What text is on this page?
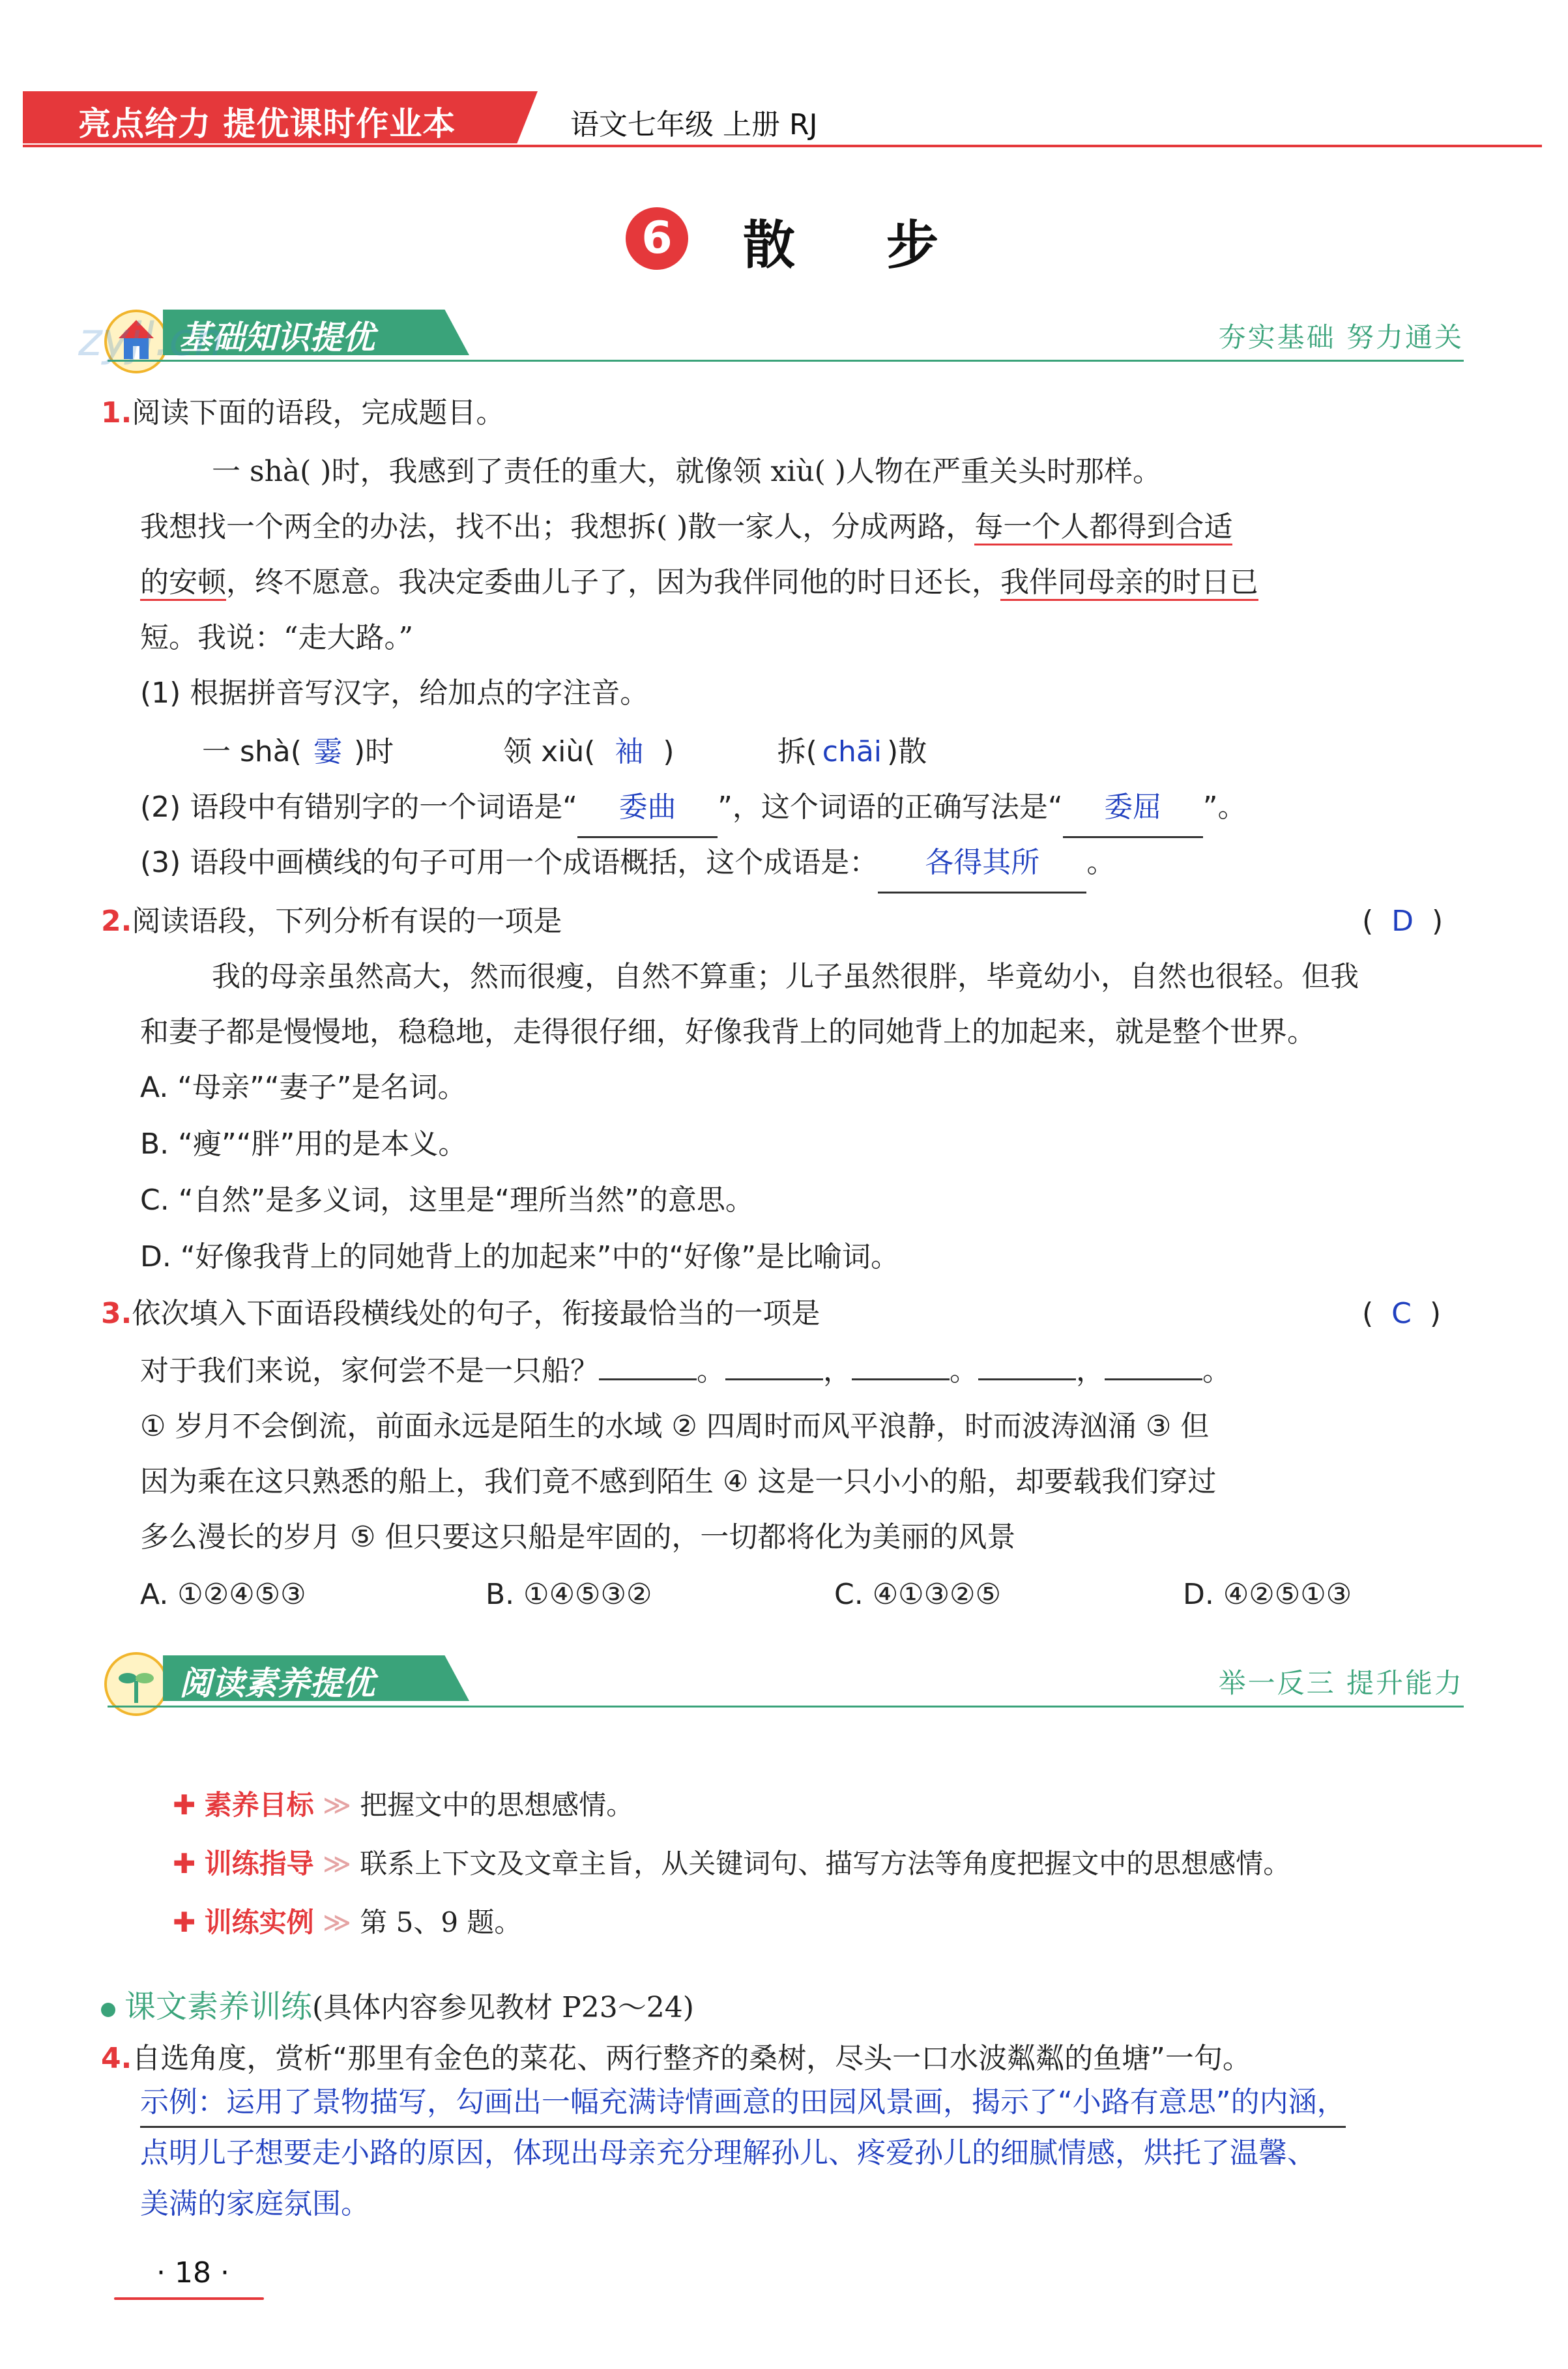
亮点给力 提优课时作业本	语文七年级 上册 RJ
6	散步
基础知识提优	夯实基础 努力通关
zyjl.cn
1.阅读下面的语段，完成题目。
一 shà( )时，我感到了责任的重大，就像领 xiù( )人物在严重关头时那样。
我想找一个两全的办法，找不出；我想拆( )散一家人，分成两路，每一个人都得到合适
的安顿，终不愿意。我决定委曲儿子了，因为我伴同他的时日还长，我伴同母亲的时日已
短。我说：“走大路。”
(1) 根据拼音写汉字，给加点的字注音。
一 shà( 霎 )时	领 xiù( 袖 )	拆( chāi )散
(2) 语段中有错别字的一个词语是“ 委曲 ”，这个词语的正确写法是“ 委屈 ”。
(3) 语段中画横线的句子可用一个成语概括，这个成语是： 各得其所 。
2.阅读语段，下列分析有误的一项是	(  D  )
我的母亲虽然高大，然而很瘦，自然不算重；儿子虽然很胖，毕竟幼小，自然也很轻。但我
和妻子都是慢慢地，稳稳地，走得很仔细，好像我背上的同她背上的加起来，就是整个世界。
A. “母亲”“妻子”是名词。
B. “瘦”“胖”用的是本义。
C. “自然”是多义词，这里是“理所当然”的意思。
D. “好像我背上的同她背上的加起来”中的“好像”是比喻词。
3.依次填入下面语段横线处的句子，衔接最恰当的一项是	(  C  )
对于我们来说，家何尝不是一只船？	。	，	。	，	。
① 岁月不会倒流，前面永远是陌生的水域 ② 四周时而风平浪静，时而波涛汹涌 ③ 但
因为乘在这只熟悉的船上，我们竟不感到陌生 ④ 这是一只小小的船，却要载我们穿过
多么漫长的岁月 ⑤ 但只要这只船是牢固的，一切都将化为美丽的风景
A. ①②④⑤③	B. ①④⑤③②	C. ④①③②⑤	D. ④②⑤①③
阅读素养提优	举一反三 提升能力
✚ 素养目标 ≫ 把握文中的思想感情。
✚ 训练指导 ≫ 联系上下文及文章主旨，从关键词句、描写方法等角度把握文中的思想感情。
✚ 训练实例 ≫ 第 5、9 题。
课文素养训练(具体内容参见教材 P23～24)
4.自选角度，赏析“那里有金色的菜花、两行整齐的桑树，尽头一口水波粼粼的鱼塘”一句。
示例：运用了景物描写，勾画出一幅充满诗情画意的田园风景画，揭示了“小路有意思”的内涵，
点明儿子想要走小路的原因，体现出母亲充分理解孙儿、疼爱孙儿的细腻情感，烘托了温馨、
美满的家庭氛围。
· 18 ·
